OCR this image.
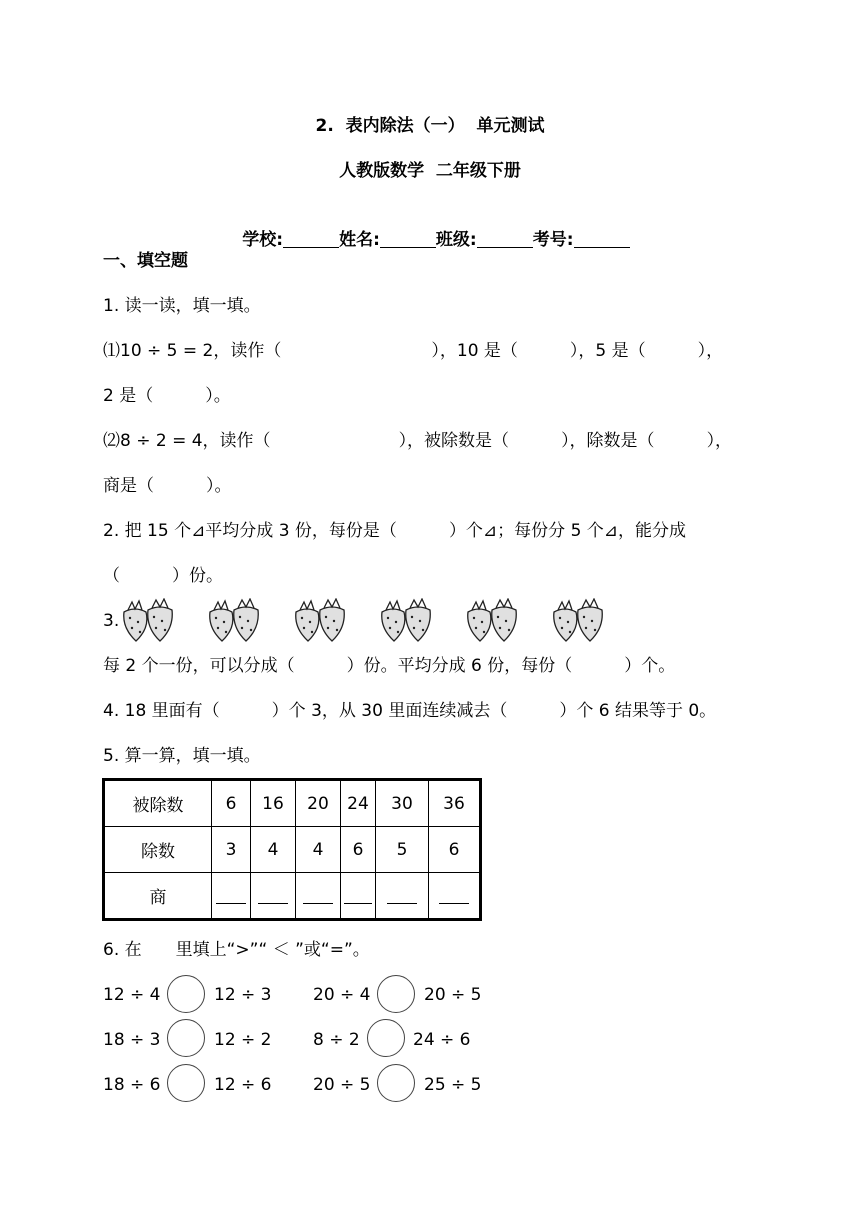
2.  表内除法（一）  单元测试
人教版数学  二年级下册

学校:	姓名:	班级:	考号:

一、填空题
1. 读一读，填一填。
⑴10 ÷ 5 = 2，读作（	），10 是（	），5 是（	），
2 是（	）。
⑵8 ÷ 2 = 4，读作（	），被除数是（	），除数是（	），
商是（	）。
2. 把 15 个⊿平均分成 3 份，每份是（	）个⊿；每份分 5 个⊿，能分成
（	）份。
3.
每 2 个一份，可以分成（	）份。平均分成 6 份，每份（	）个。
4. 18 里面有（	）个 3，从 30 里面连续减去（	）个 6 结果等于 0。
5. 算一算，填一填。
被除数	6	16	20	24	30	36
除数	3	4	4	6	5	6
商						
6. 在　　里填上“>”“ ＜ ”或“=”。
12 ÷ 4	12 ÷ 3 20 ÷ 4	20 ÷ 5
18 ÷ 3	12 ÷ 2 8 ÷ 2	24 ÷ 6
18 ÷ 6	12 ÷ 6 20 ÷ 5	25 ÷ 5
